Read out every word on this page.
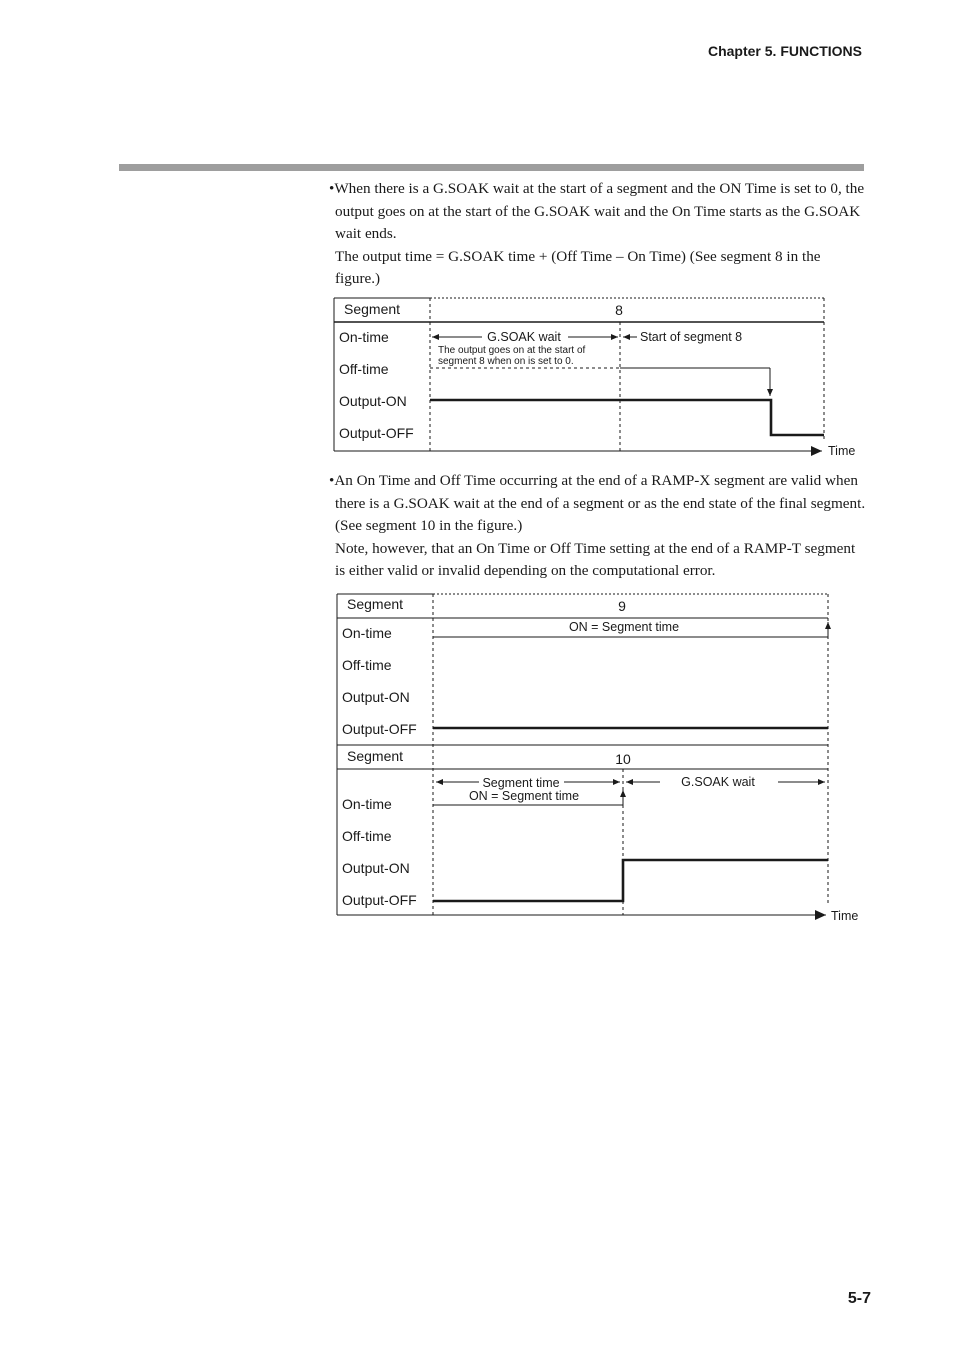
Chapter 5. FUNCTIONS

•When there is a G.SOAK wait at the start of a segment and the ON Time is set to 0, the output goes on at the start of the G.SOAK wait and the On Time starts as the G.SOAK wait ends.

The output time = G.SOAK time + (Off Time – On Time) (See segment 8 in the figure.)

Time
Segment	8
On-time
Off-time
Output-ON
Output-OFF
G.SOAK wait	Start of segment 8
The output goes on at the start of
segment 8 when on is set to 0.

•An On Time and Off Time occurring at the end of a RAMP-X segment are valid when there is a G.SOAK wait at the end of a segment or as the end state of the final segment. (See segment 10 in the figure.)

Note, however, that an On Time or Off Time setting at the end of a RAMP-T segment is either valid or invalid depending on the computational error.

Time
Segment	9
On-time
Off-time
Output-ON
Output-OFF
ON = Segment time
Segment	10
On-time
Off-time
Output-ON
Output-OFF
Segment time
ON = Segment time
G.SOAK wait
5-7
